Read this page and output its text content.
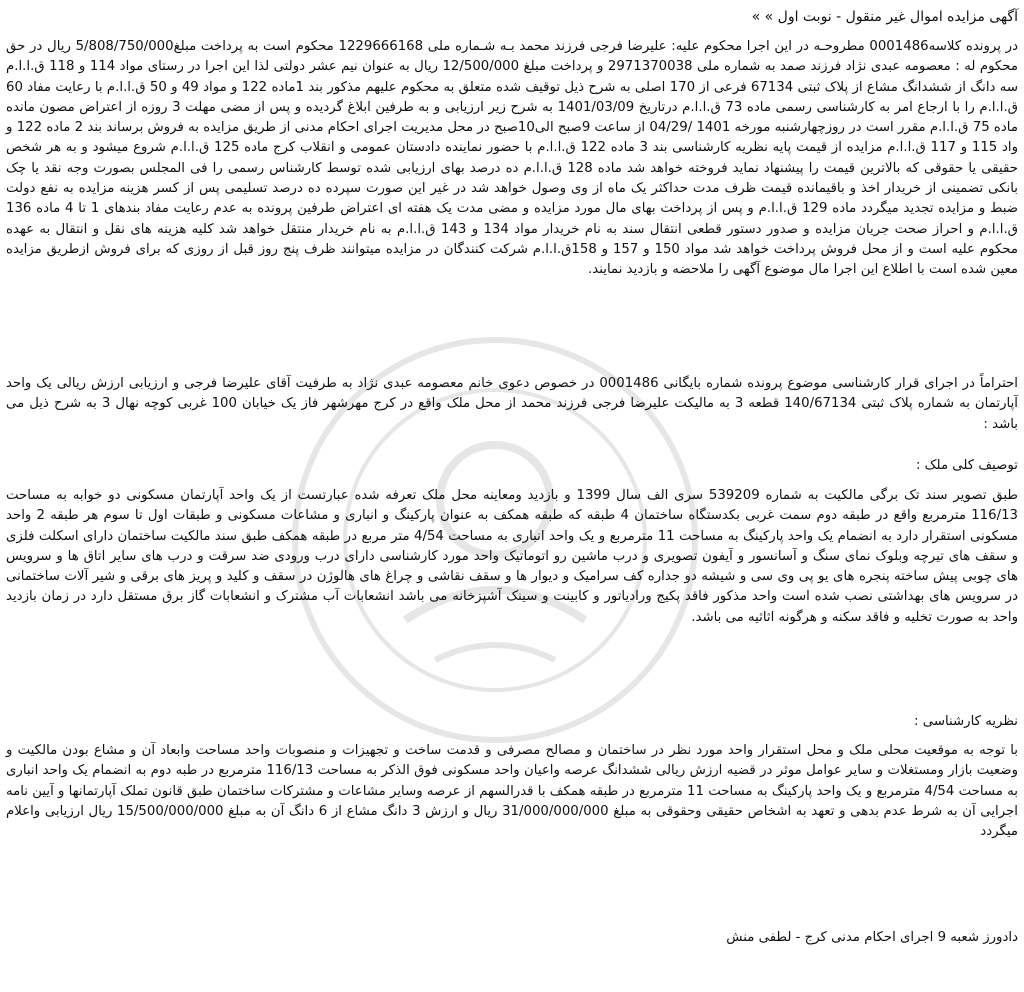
آگهی مزایده اموال غیر منقول - نوبت اول » »

در پرونده کلاسه0001486 مطروحـه در این اجرا محکوم علیه: علیرضا فرجی فرزند محمد بـه شـماره ملی 1229666168 محکوم است به پرداخت مبلغ5/808/750/000 ریال در حق محکوم له : معصومه عبدی نژاد فرزند صمد به شماره ملی 2971370038 و پرداخت مبلغ 12/500/000 ریال به عنوان نیم عشر دولتی لذا این اجرا در رستای مواد 114 و 118 ق.ا.ا.م سه دانگ از ششدانگ مشاع از پلاک ثبتی 67134 فرعی از 170 اصلی به شرح ذیل توقیف شده متعلق به محکوم علیهم مذکور بند 1ماده 122 و مواد 49 و 50 ق.ا.ا.م با رعایت مفاد 60 ق.ا.ا.م را با ارجاع امر به کارشناسی رسمی ماده 73 ق.ا.ا.م درتاریخ 1401/03/09 به شرح زیر ارزیابی و به طرفین ابلاغ گردیده و پس از مضی مهلت 3 روزه از اعتراض مصون مانده ماده 75 ق.ا.ا.م مقرر است در روزچهارشنبه مورخه 1401 /04/29 از ساعت 9صبح الی10صبح در محل مدیریت اجرای احکام مدنی از طریق مزایده به فروش برساند بند 2 ماده 122 و واد 115 و 117 ق.ا.ا.م مزایده از قیمت پایه نظریه کارشناسی بند 3 ماده 122 ق.ا.ا.م با حضور نماینده دادستان عمومی و انقلاب کرج ماده 125 ق.ا.ا.م شروع میشود و به هر شخص حقیقی یا حقوقی که بالاترین قیمت را پیشنهاد نماید فروخته خواهد شد ماده 128 ق.ا.ا.م ده درصد بهای ارزیابی شده توسط کارشناس رسمی را فی المجلس بصورت وجه نقد یا چک بانکی تضمینی از خریدار اخذ و باقیمانده قیمت ظرف مدت حداکثر یک ماه از وی وصول خواهد شد در غیر این صورت سپرده ده درصد تسلیمی پس از کسر هزینه مزایده به نفع دولت ضبط و مزایده تجدید میگردد ماده 129 ق.ا.ا.م و پس از پرداخت بهای مال مورد مزایده و مضی مدت یک هفته ای اعتراض طرفین پرونده به عدم رعایت مفاد بندهای 1 تا 4 ماده 136 ق.ا.ا.م و احراز صحت جریان مزایده و صدور دستور قطعی انتقال سند به نام خریدار مواد 134 و 143 ق.ا.ا.م به نام خریدار منتقل خواهد شد کلیه هزینه های نقل و انتقال به عهده محکوم علیه است و از محل فروش پرداخت خواهد شد مواد 150 و 157 و 158ق.ا.ا.م شرکت کنندگان در مزایده میتوانند ظرف پنج روز قبل از روزی که برای فروش ازطریق مزایده معین شده است با اطلاع این اجرا مال موضوع آگهی را ملاحضه و بازدید نمایند.

احتراماً در اجرای قرار کارشناسی موضوع پرونده شماره بایگانی 0001486 در خصوص دعوی خانم معصومه عبدی نژاد به طرفیت آقای علیرضا فرجی و ارزیابی ارزش ریالی یک واحد آپارتمان به شماره پلاک ثبتی 140/67134 قطعه 3 به مالیکت علیرضا فرجی فرزند محمد از محل ملک واقع در کرج مهرشهر فاز یک خیابان 100 غربی کوچه نهال 3 به شرح ذیل می باشد :

توصیف کلی ملک :

طبق تصویر سند تک برگی مالکیت به شماره 539209 سری الف سال 1399 و بازدید ومعاینه محل ملک تعرفه شده عبارتست از یک واحد آپارتمان مسکونی دو خوابه به مساحت 116/13 مترمربع واقع در طبقه دوم سمت غربی بکدستگاه ساختمان 4 طبقه که طبقه همکف به عنوان پارکینگ و انباری و مشاعات مسکونی و طبقات اول تا سوم هر طبقه 2 واحد مسکونی استقرار دارد به انضمام یک واحد پارکینگ به مساحت 11 مترمربع و یک واحد انباری به مساحت 4/54 متر مربع در طبقه همکف طبق سند مالکیت ساختمان دارای اسکلت فلزی و سقف های تیرچه وبلوک نمای سنگ و آسانسور و آیفون تصویری و درب ماشین رو اتوماتیک واحد مورد کارشناسی دارای درب ورودی ضد سرقت و درب های سایر اتاق ها و سرویس های چوبی پیش ساخته پنجره های یو پی وی سی و شیشه دو جداره کف سرامیک و دیوار ها و سقف نقاشی و چراغ های هالوژن در سقف و کلید و پریز های برقی و شیر آلات ساختمانی در سرویس های بهداشتی نصب شده است واحد مذکور فاقد پکیج ورادیاتور و کابینت و سینک آشپزخانه می باشد انشعابات آب مشترک و انشعابات گاز برق مستقل دارد در زمان بازدید واحد به صورت تخلیه و فاقد سکنه و هرگونه اثاثیه می باشد.

نظریه کارشناسی :

با توجه به موقعیت محلی ملک و محل استقرار واحد مورد نظر در ساختمان و مصالح مصرفی و قدمت ساخت و تجهیزات و منصوبات واحد مساحت وابعاد آن و مشاع بودن مالکیت و وضعیت بازار ومستغلات و سایر عوامل موثر در قضیه ارزش ریالی ششدانگ عرصه واعیان واحد مسکونی فوق الذکر به مساحت 116/13 مترمربع در طبه دوم به انضمام یک واحد انباری به مساحت 4/54 مترمربع و یک واحد پارکینگ به مساحت 11 مترمربع در طبقه همکف با قدرالسهم از عرصه وسایر مشاعات و مشترکات ساختمان طبق قانون تملک آپارتمانها و آیین نامه اجرایی آن به شرط عدم بدهی و تعهد به اشخاص حقیقی وحقوقی به مبلغ 31/000/000/000 ریال و ارزش 3 دانگ مشاع از 6 دانگ آن به مبلغ 15/500/000/000 ریال ارزیابی واعلام میگردد

دادورز شعبه 9 اجرای احکام مدنی کرج - لطفی منش
